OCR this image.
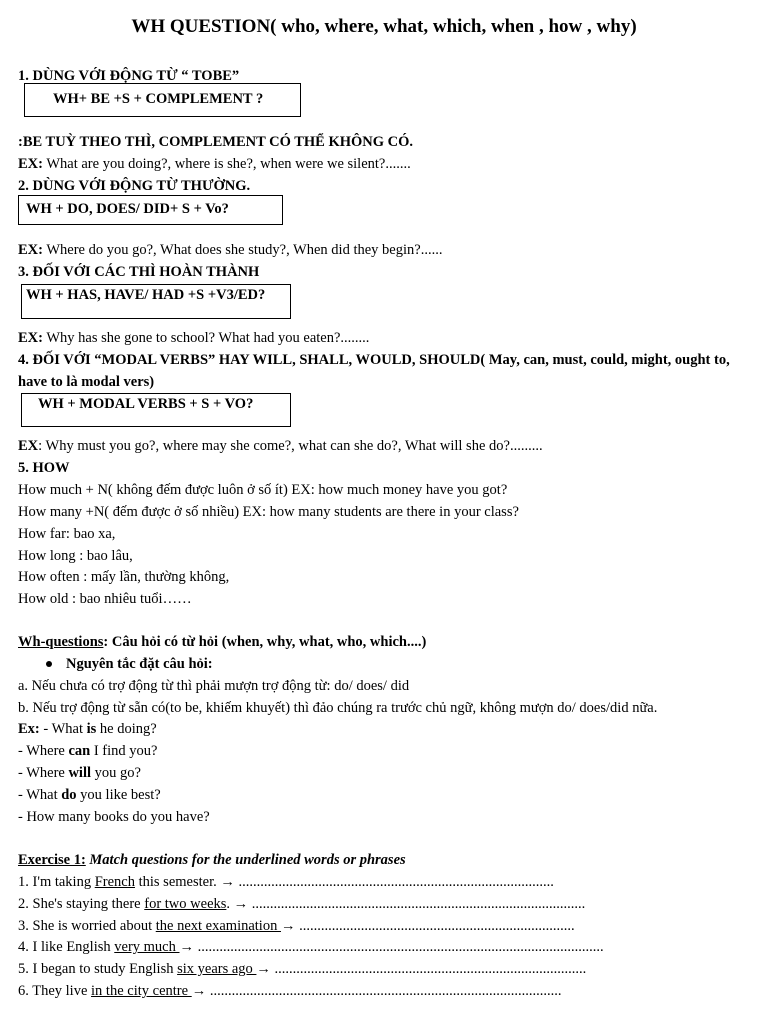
WH QUESTION( who, where, what, which, when , how , why)
1. DÙNG VỚI ĐỘNG TỪ “ TOBE”
WH+ BE +S + COMPLEMENT ?
:BE TUỲ THEO THÌ, COMPLEMENT CÓ THỂ KHÔNG CÓ.
EX: What are you doing?, where is she?, when were we silent?.......
2. DÙNG VỚI ĐỘNG TỪ THƯỜNG.
WH + DO, DOES/ DID+ S + Vo?
EX: Where do you go?, What does she study?, When did they begin?......
3. ĐỐI VỚI CÁC THÌ HOÀN THÀNH
WH + HAS, HAVE/ HAD +S +V3/ED?
EX: Why has she gone to school? What had you eaten?........
4. ĐỐI VỚI “MODAL VERBS” HAY WILL, SHALL, WOULD, SHOULD( May, can, must, could, might, ought to, have to là modal vers)
WH + MODAL VERBS + S + VO?
EX: Why must you go?, where may she come?, what can she do?, What will she do?.........
5. HOW
How much + N( không đếm được luôn ở số ít) EX: how much money have you got?
How many +N( đếm được ở số nhiều) EX: how many students are there in your class?
How far: bao xa,
How long : bao lâu,
How often : mấy lần, thường không,
How old : bao nhiêu tuổi……
Wh-questions: Câu hỏi có từ hỏi (when, why, what, who, which....)
Nguyên tắc đặt câu hỏi:
a. Nếu chưa có trợ động từ thì phải mượn trợ động từ: do/ does/ did
b. Nếu trợ động từ sẵn có(to be, khiếm khuyết) thì đảo chúng ra trước chủ ngữ, không mượn do/ does/did nữa.
Ex: - What is he doing?
- Where can I find you?
- Where will you go?
- What do you like best?
- How many books do you have?
Exercise 1: Match questions for the underlined words or phrases
1. I'm taking French this semester. → .......................................................................................
2. She's staying there for two weeks. → ............................................................................................
3. She is worried about the next examination → ............................................................................
4. I like English very much → ................................................................................................................
5. I began to study English six years ago → ......................................................................................
6. They live in the city centre → .................................................................................................
